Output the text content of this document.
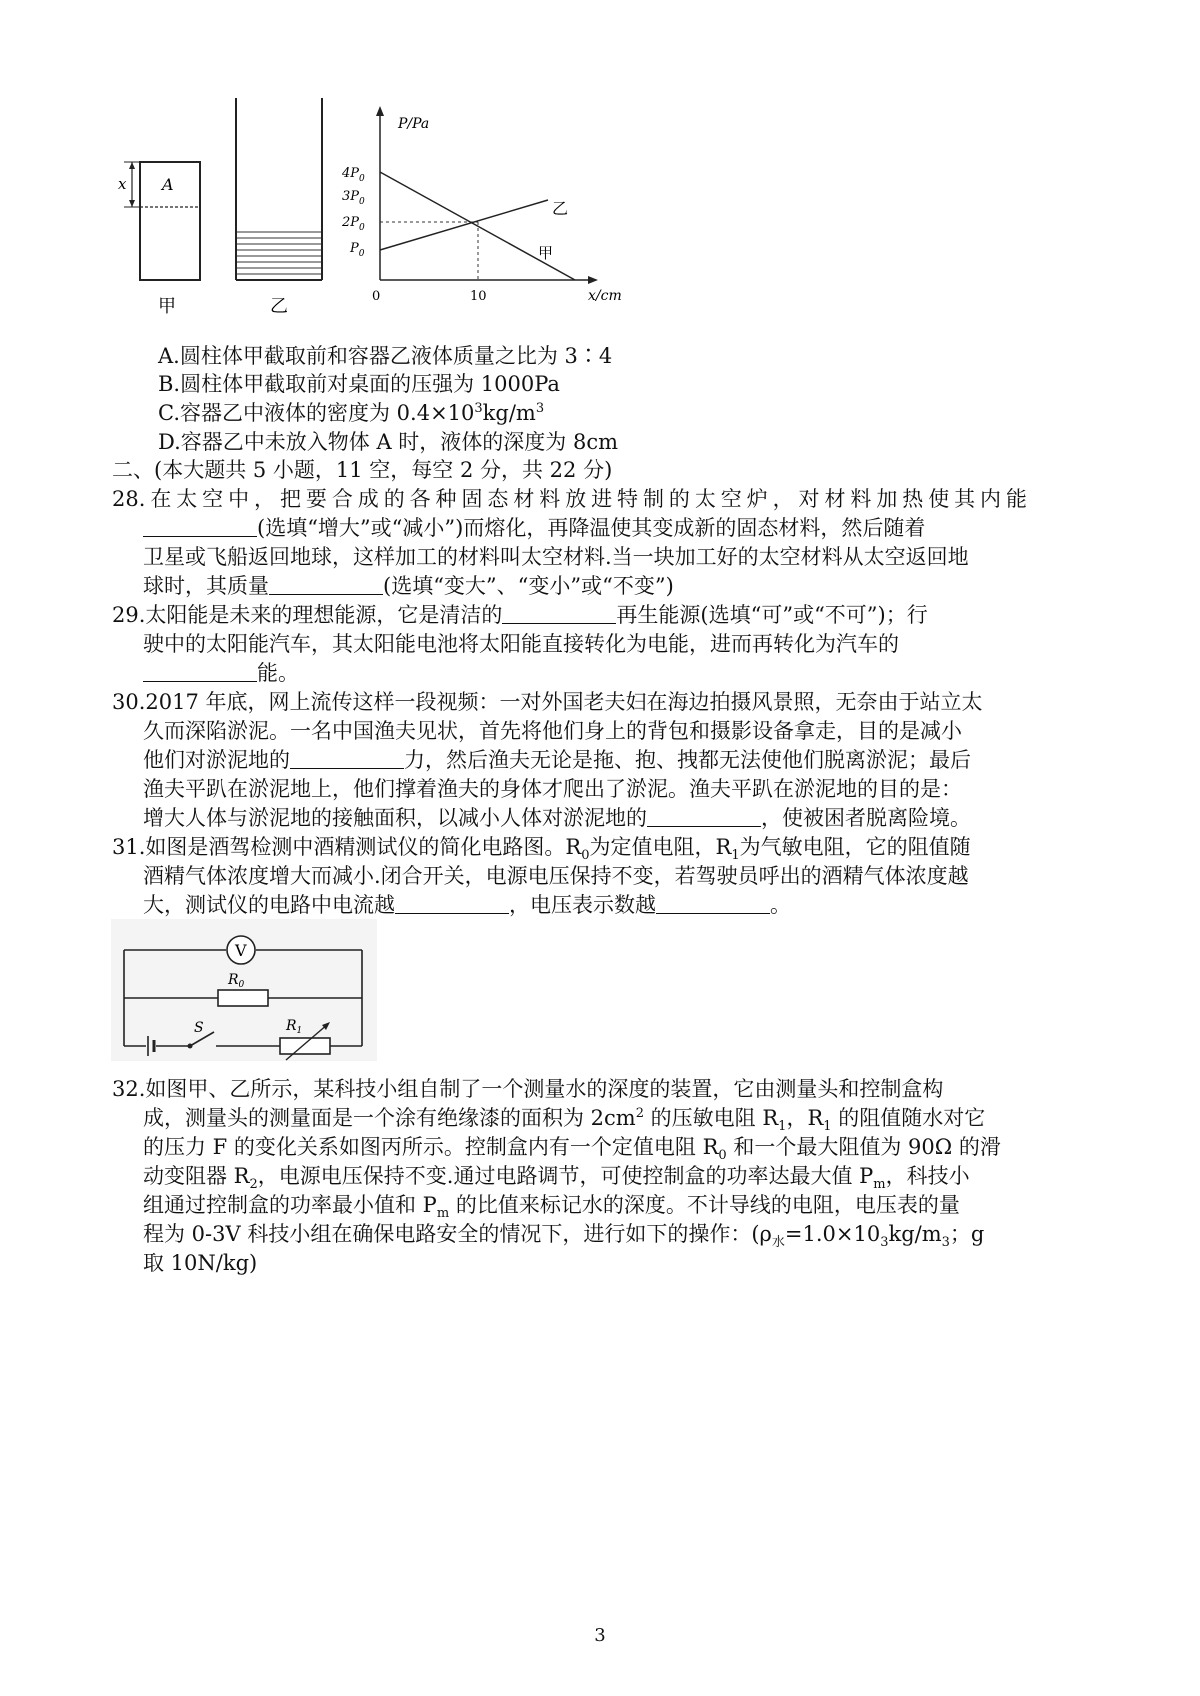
x A
甲	乙
P/Pa
x/cm
$4P_0$
$3P_0$
$2P_0$
$P_0$
0	10
乙
甲
A.圆柱体甲截取前和容器乙液体质量之比为 3∶4
B.圆柱体甲截取前对桌面的压强为 1000Pa
C.容器乙中液体的密度为 $0.4\times 10^3kg/m^3$
D.容器乙中未放入物体 A 时，液体的深度为 8cm
二、(本大题共 5 小题，11 空，每空 2 分，共 22 分)
28.在太空中，把要合成的各种固态材料放进特制的太空炉，对材料加热使其内能
(选填“增大”或“减小”)而熔化，再降温使其变成新的固态材料，然后随着
卫星或飞船返回地球，这样加工的材料叫太空材料.当一块加工好的太空材料从太空返回地
球时，其质量	(选填“变大”、“变小”或“不变”)
29.太阳能是未来的理想能源，它是清洁的	再生能源(选填“可”或“不可”)；行
驶中的太阳能汽车，其太阳能电池将太阳能直接转化为电能，进而再转化为汽车的
能。
30.2017 年底，网上流传这样一段视频：一对外国老夫妇在海边拍摄风景照，无奈由于站立太
久而深陷淤泥。一名中国渔夫见状，首先将他们身上的背包和摄影设备拿走，目的是减小
他们对淤泥地的	力，然后渔夫无论是拖、抱、拽都无法使他们脱离淤泥；最后
渔夫平趴在淤泥地上，他们撑着渔夫的身体才爬出了淤泥。渔夫平趴在淤泥地的目的是：
增大人体与淤泥地的接触面积，以减小人体对淤泥地的	，使被困者脱离险境。
31.如图是酒驾检测中酒精测试仪的简化电路图。$R_0$为定值电阻，$R_1$为气敏电阻，它的阻值随
酒精气体浓度增大而减小.闭合开关，电源电压保持不变，若驾驶员呼出的酒精气体浓度越
大，测试仪的电路中电流越	，电压表示数越	。
V
$R_0$
S	$R_1$
32.如图甲、乙所示，某科技小组自制了一个测量水的深度的装置，它由测量头和控制盒构
成，测量头的测量面是一个涂有绝缘漆的面积为 $2cm^2$ 的压敏电阻 $R_1$，$R_1$ 的阻值随水对它
的压力 F 的变化关系如图丙所示。控制盒内有一个定值电阻 $R_0$ 和一个最大阻值为 90Ω 的滑
动变阻器 $R_2$，电源电压保持不变.通过电路调节，可使控制盒的功率达最大值 $P_m$，科技小
组通过控制盒的功率最小值和 $P_m$ 的比值来标记水的深度。不计导线的电阻，电压表的量
程为 0-3V 科技小组在确保电路安全的情况下，进行如下的操作：($\rho_水=1.0\times 10_3kg/m_3$；g
取 10N/kg)
3
